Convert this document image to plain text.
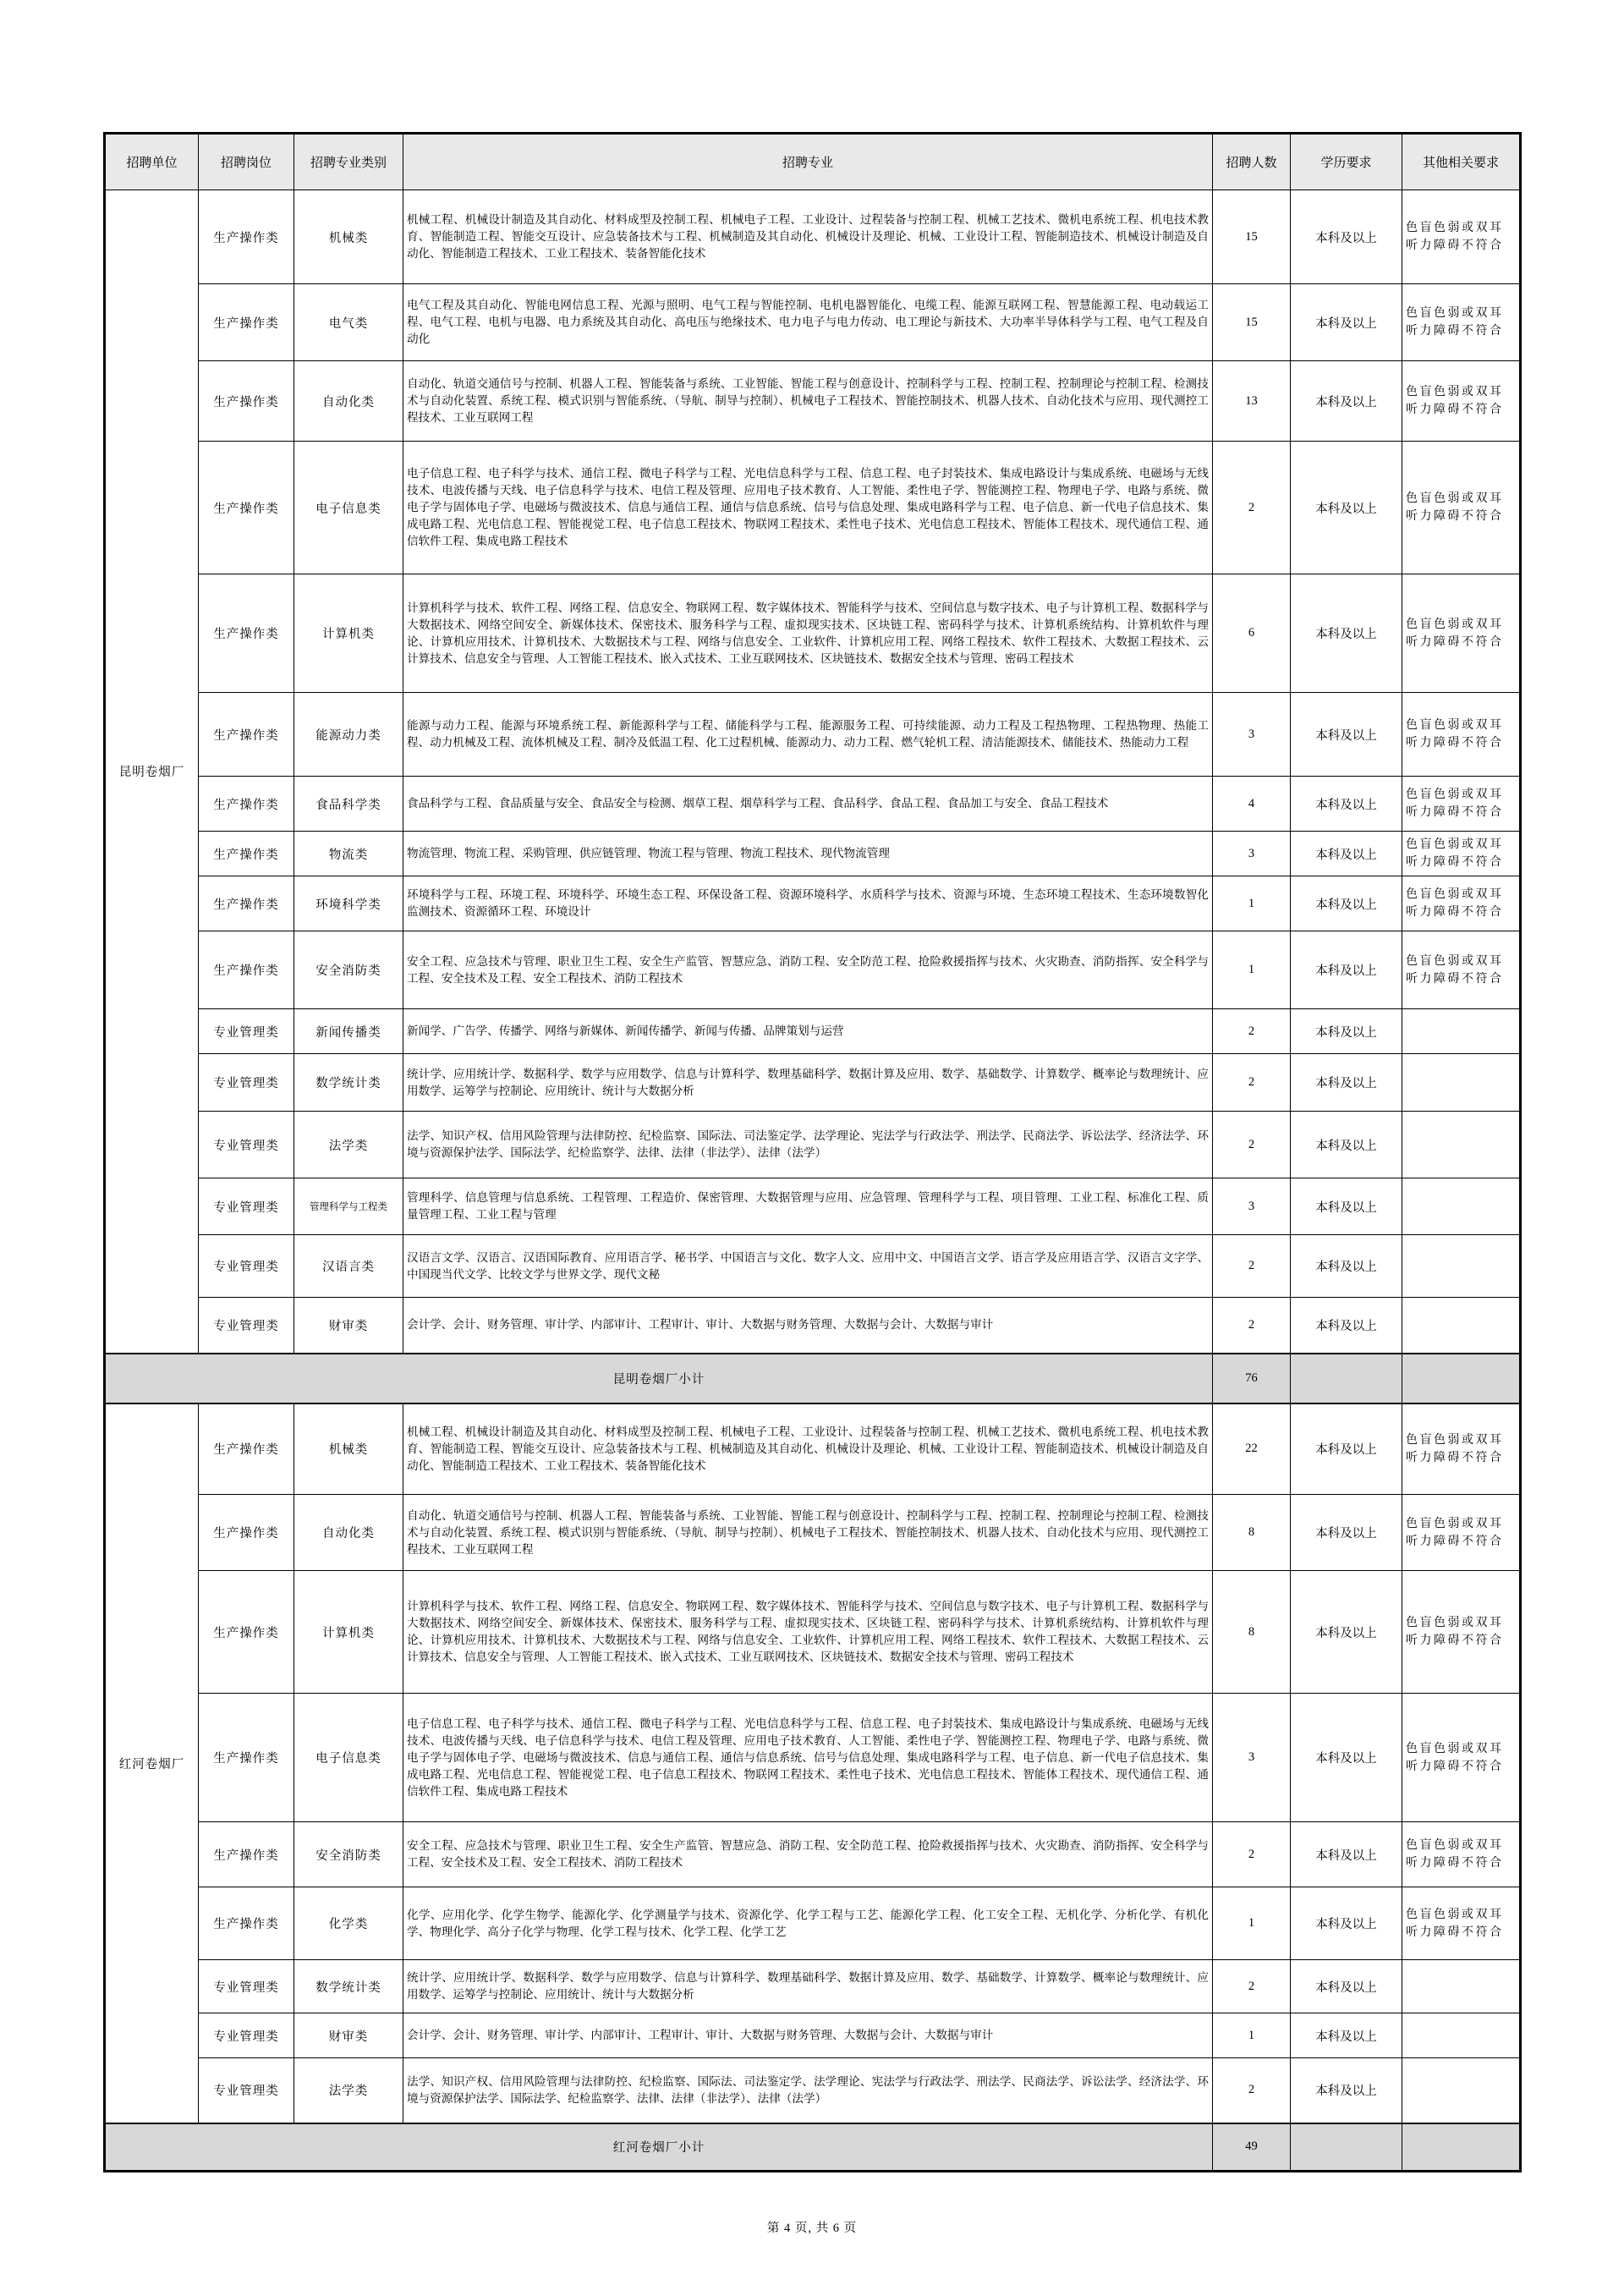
招聘单位	招聘岗位	招聘专业类别	招聘专业	招聘人数	学历要求	其他相关要求
昆明卷烟厂	生产操作类	机械类	机械工程、机械设计制造及其自动化、材料成型及控制工程、机械电子工程、工业设计、过程装备与控制工程、机械工艺技术、微机电系统工程、机电技术教育、智能制造工程、智能交互设计、应急装备技术与工程、机械制造及其自动化、机械设计及理论、机械、工业设计工程、智能制造技术、机械设计制造及自动化、智能制造工程技术、工业工程技术、装备智能化技术	15	本科及以上	色盲色弱或双耳听力障碍不符合
	生产操作类	电气类	电气工程及其自动化、智能电网信息工程、光源与照明、电气工程与智能控制、电机电器智能化、电缆工程、能源互联网工程、智慧能源工程、电动载运工程、电气工程、电机与电器、电力系统及其自动化、高电压与绝缘技术、电力电子与电力传动、电工理论与新技术、大功率半导体科学与工程、电气工程及自动化	15	本科及以上	色盲色弱或双耳听力障碍不符合
	生产操作类	自动化类	自动化、轨道交通信号与控制、机器人工程、智能装备与系统、工业智能、智能工程与创意设计、控制科学与工程、控制工程、控制理论与控制工程、检测技术与自动化装置、系统工程、模式识别与智能系统、（导航、制导与控制）、机械电子工程技术、智能控制技术、机器人技术、自动化技术与应用、现代测控工程技术、工业互联网工程	13	本科及以上	色盲色弱或双耳听力障碍不符合
	生产操作类	电子信息类	电子信息工程、电子科学与技术、通信工程、微电子科学与工程、光电信息科学与工程、信息工程、电子封装技术、集成电路设计与集成系统、电磁场与无线技术、电波传播与天线、电子信息科学与技术、电信工程及管理、应用电子技术教育、人工智能、柔性电子学、智能测控工程、物理电子学、电路与系统、微电子学与固体电子学、电磁场与微波技术、信息与通信工程、通信与信息系统、信号与信息处理、集成电路科学与工程、电子信息、新一代电子信息技术、集成电路工程、光电信息工程、智能视觉工程、电子信息工程技术、物联网工程技术、柔性电子技术、光电信息工程技术、智能体工程技术、现代通信工程、通信软件工程、集成电路工程技术	2	本科及以上	色盲色弱或双耳听力障碍不符合
	生产操作类	计算机类	计算机科学与技术、软件工程、网络工程、信息安全、物联网工程、数字媒体技术、智能科学与技术、空间信息与数字技术、电子与计算机工程、数据科学与大数据技术、网络空间安全、新媒体技术、保密技术、服务科学与工程、虚拟现实技术、区块链工程、密码科学与技术、计算机系统结构、计算机软件与理论、计算机应用技术、计算机技术、大数据技术与工程、网络与信息安全、工业软件、计算机应用工程、网络工程技术、软件工程技术、大数据工程技术、云计算技术、信息安全与管理、人工智能工程技术、嵌入式技术、工业互联网技术、区块链技术、数据安全技术与管理、密码工程技术	6	本科及以上	色盲色弱或双耳听力障碍不符合
	生产操作类	能源动力类	能源与动力工程、能源与环境系统工程、新能源科学与工程、储能科学与工程、能源服务工程、可持续能源、动力工程及工程热物理、工程热物理、热能工程、动力机械及工程、流体机械及工程、制冷及低温工程、化工过程机械、能源动力、动力工程、燃气轮机工程、清洁能源技术、储能技术、热能动力工程	3	本科及以上	色盲色弱或双耳听力障碍不符合
	生产操作类	食品科学类	食品科学与工程、食品质量与安全、食品安全与检测、烟草工程、烟草科学与工程、食品科学、食品工程、食品加工与安全、食品工程技术	4	本科及以上	色盲色弱或双耳听力障碍不符合
	生产操作类	物流类	物流管理、物流工程、采购管理、供应链管理、物流工程与管理、物流工程技术、现代物流管理	3	本科及以上	色盲色弱或双耳听力障碍不符合
	生产操作类	环境科学类	环境科学与工程、环境工程、环境科学、环境生态工程、环保设备工程、资源环境科学、水质科学与技术、资源与环境、生态环境工程技术、生态环境数智化监测技术、资源循环工程、环境设计	1	本科及以上	色盲色弱或双耳听力障碍不符合
	生产操作类	安全消防类	安全工程、应急技术与管理、职业卫生工程、安全生产监管、智慧应急、消防工程、安全防范工程、抢险救援指挥与技术、火灾勘查、消防指挥、安全科学与工程、安全技术及工程、安全工程技术、消防工程技术	1	本科及以上	色盲色弱或双耳听力障碍不符合
	专业管理类	新闻传播类	新闻学、广告学、传播学、网络与新媒体、新闻传播学、新闻与传播、品牌策划与运营	2	本科及以上	
	专业管理类	数学统计类	统计学、应用统计学、数据科学、数学与应用数学、信息与计算科学、数理基础科学、数据计算及应用、数学、基础数学、计算数学、概率论与数理统计、应用数学、运筹学与控制论、应用统计、统计与大数据分析	2	本科及以上	
	专业管理类	法学类	法学、知识产权、信用风险管理与法律防控、纪检监察、国际法、司法鉴定学、法学理论、宪法学与行政法学、刑法学、民商法学、诉讼法学、经济法学、环境与资源保护法学、国际法学、纪检监察学、法律、法律（非法学）、法律（法学）	2	本科及以上	
	专业管理类	管理科学与工程类	管理科学、信息管理与信息系统、工程管理、工程造价、保密管理、大数据管理与应用、应急管理、管理科学与工程、项目管理、工业工程、标准化工程、质量管理工程、工业工程与管理	3	本科及以上	
	专业管理类	汉语言类	汉语言文学、汉语言、汉语国际教育、应用语言学、秘书学、中国语言与文化、数字人文、应用中文、中国语言文学、语言学及应用语言学、汉语言文字学、中国现当代文学、比较文学与世界文学、现代文秘	2	本科及以上	
	专业管理类	财审类	会计学、会计、财务管理、审计学、内部审计、工程审计、审计、大数据与财务管理、大数据与会计、大数据与审计	2	本科及以上	
昆明卷烟厂小计				76		
红河卷烟厂	生产操作类	机械类	机械工程、机械设计制造及其自动化、材料成型及控制工程、机械电子工程、工业设计、过程装备与控制工程、机械工艺技术、微机电系统工程、机电技术教育、智能制造工程、智能交互设计、应急装备技术与工程、机械制造及其自动化、机械设计及理论、机械、工业设计工程、智能制造技术、机械设计制造及自动化、智能制造工程技术、工业工程技术、装备智能化技术	22	本科及以上	色盲色弱或双耳听力障碍不符合
	生产操作类	自动化类	自动化、轨道交通信号与控制、机器人工程、智能装备与系统、工业智能、智能工程与创意设计、控制科学与工程、控制工程、控制理论与控制工程、检测技术与自动化装置、系统工程、模式识别与智能系统、（导航、制导与控制）、机械电子工程技术、智能控制技术、机器人技术、自动化技术与应用、现代测控工程技术、工业互联网工程	8	本科及以上	色盲色弱或双耳听力障碍不符合
	生产操作类	计算机类	计算机科学与技术、软件工程、网络工程、信息安全、物联网工程、数字媒体技术、智能科学与技术、空间信息与数字技术、电子与计算机工程、数据科学与大数据技术、网络空间安全、新媒体技术、保密技术、服务科学与工程、虚拟现实技术、区块链工程、密码科学与技术、计算机系统结构、计算机软件与理论、计算机应用技术、计算机技术、大数据技术与工程、网络与信息安全、工业软件、计算机应用工程、网络工程技术、软件工程技术、大数据工程技术、云计算技术、信息安全与管理、人工智能工程技术、嵌入式技术、工业互联网技术、区块链技术、数据安全技术与管理、密码工程技术	8	本科及以上	色盲色弱或双耳听力障碍不符合
	生产操作类	电子信息类	电子信息工程、电子科学与技术、通信工程、微电子科学与工程、光电信息科学与工程、信息工程、电子封装技术、集成电路设计与集成系统、电磁场与无线技术、电波传播与天线、电子信息科学与技术、电信工程及管理、应用电子技术教育、人工智能、柔性电子学、智能测控工程、物理电子学、电路与系统、微电子学与固体电子学、电磁场与微波技术、信息与通信工程、通信与信息系统、信号与信息处理、集成电路科学与工程、电子信息、新一代电子信息技术、集成电路工程、光电信息工程、智能视觉工程、电子信息工程技术、物联网工程技术、柔性电子技术、光电信息工程技术、智能体工程技术、现代通信工程、通信软件工程、集成电路工程技术	3	本科及以上	色盲色弱或双耳听力障碍不符合
	生产操作类	安全消防类	安全工程、应急技术与管理、职业卫生工程、安全生产监管、智慧应急、消防工程、安全防范工程、抢险救援指挥与技术、火灾勘查、消防指挥、安全科学与工程、安全技术及工程、安全工程技术、消防工程技术	2	本科及以上	色盲色弱或双耳听力障碍不符合
	生产操作类	化学类	化学、应用化学、化学生物学、能源化学、化学测量学与技术、资源化学、化学工程与工艺、能源化学工程、化工安全工程、无机化学、分析化学、有机化学、物理化学、高分子化学与物理、化学工程与技术、化学工程、化学工艺	1	本科及以上	色盲色弱或双耳听力障碍不符合
	专业管理类	数学统计类	统计学、应用统计学、数据科学、数学与应用数学、信息与计算科学、数理基础科学、数据计算及应用、数学、基础数学、计算数学、概率论与数理统计、应用数学、运筹学与控制论、应用统计、统计与大数据分析	2	本科及以上	
	专业管理类	财审类	会计学、会计、财务管理、审计学、内部审计、工程审计、审计、大数据与财务管理、大数据与会计、大数据与审计	1	本科及以上	
	专业管理类	法学类	法学、知识产权、信用风险管理与法律防控、纪检监察、国际法、司法鉴定学、法学理论、宪法学与行政法学、刑法学、民商法学、诉讼法学、经济法学、环境与资源保护法学、国际法学、纪检监察学、法律、法律（非法学）、法律（法学）	2	本科及以上	
红河卷烟厂小计				49		
第 4 页, 共 6 页
